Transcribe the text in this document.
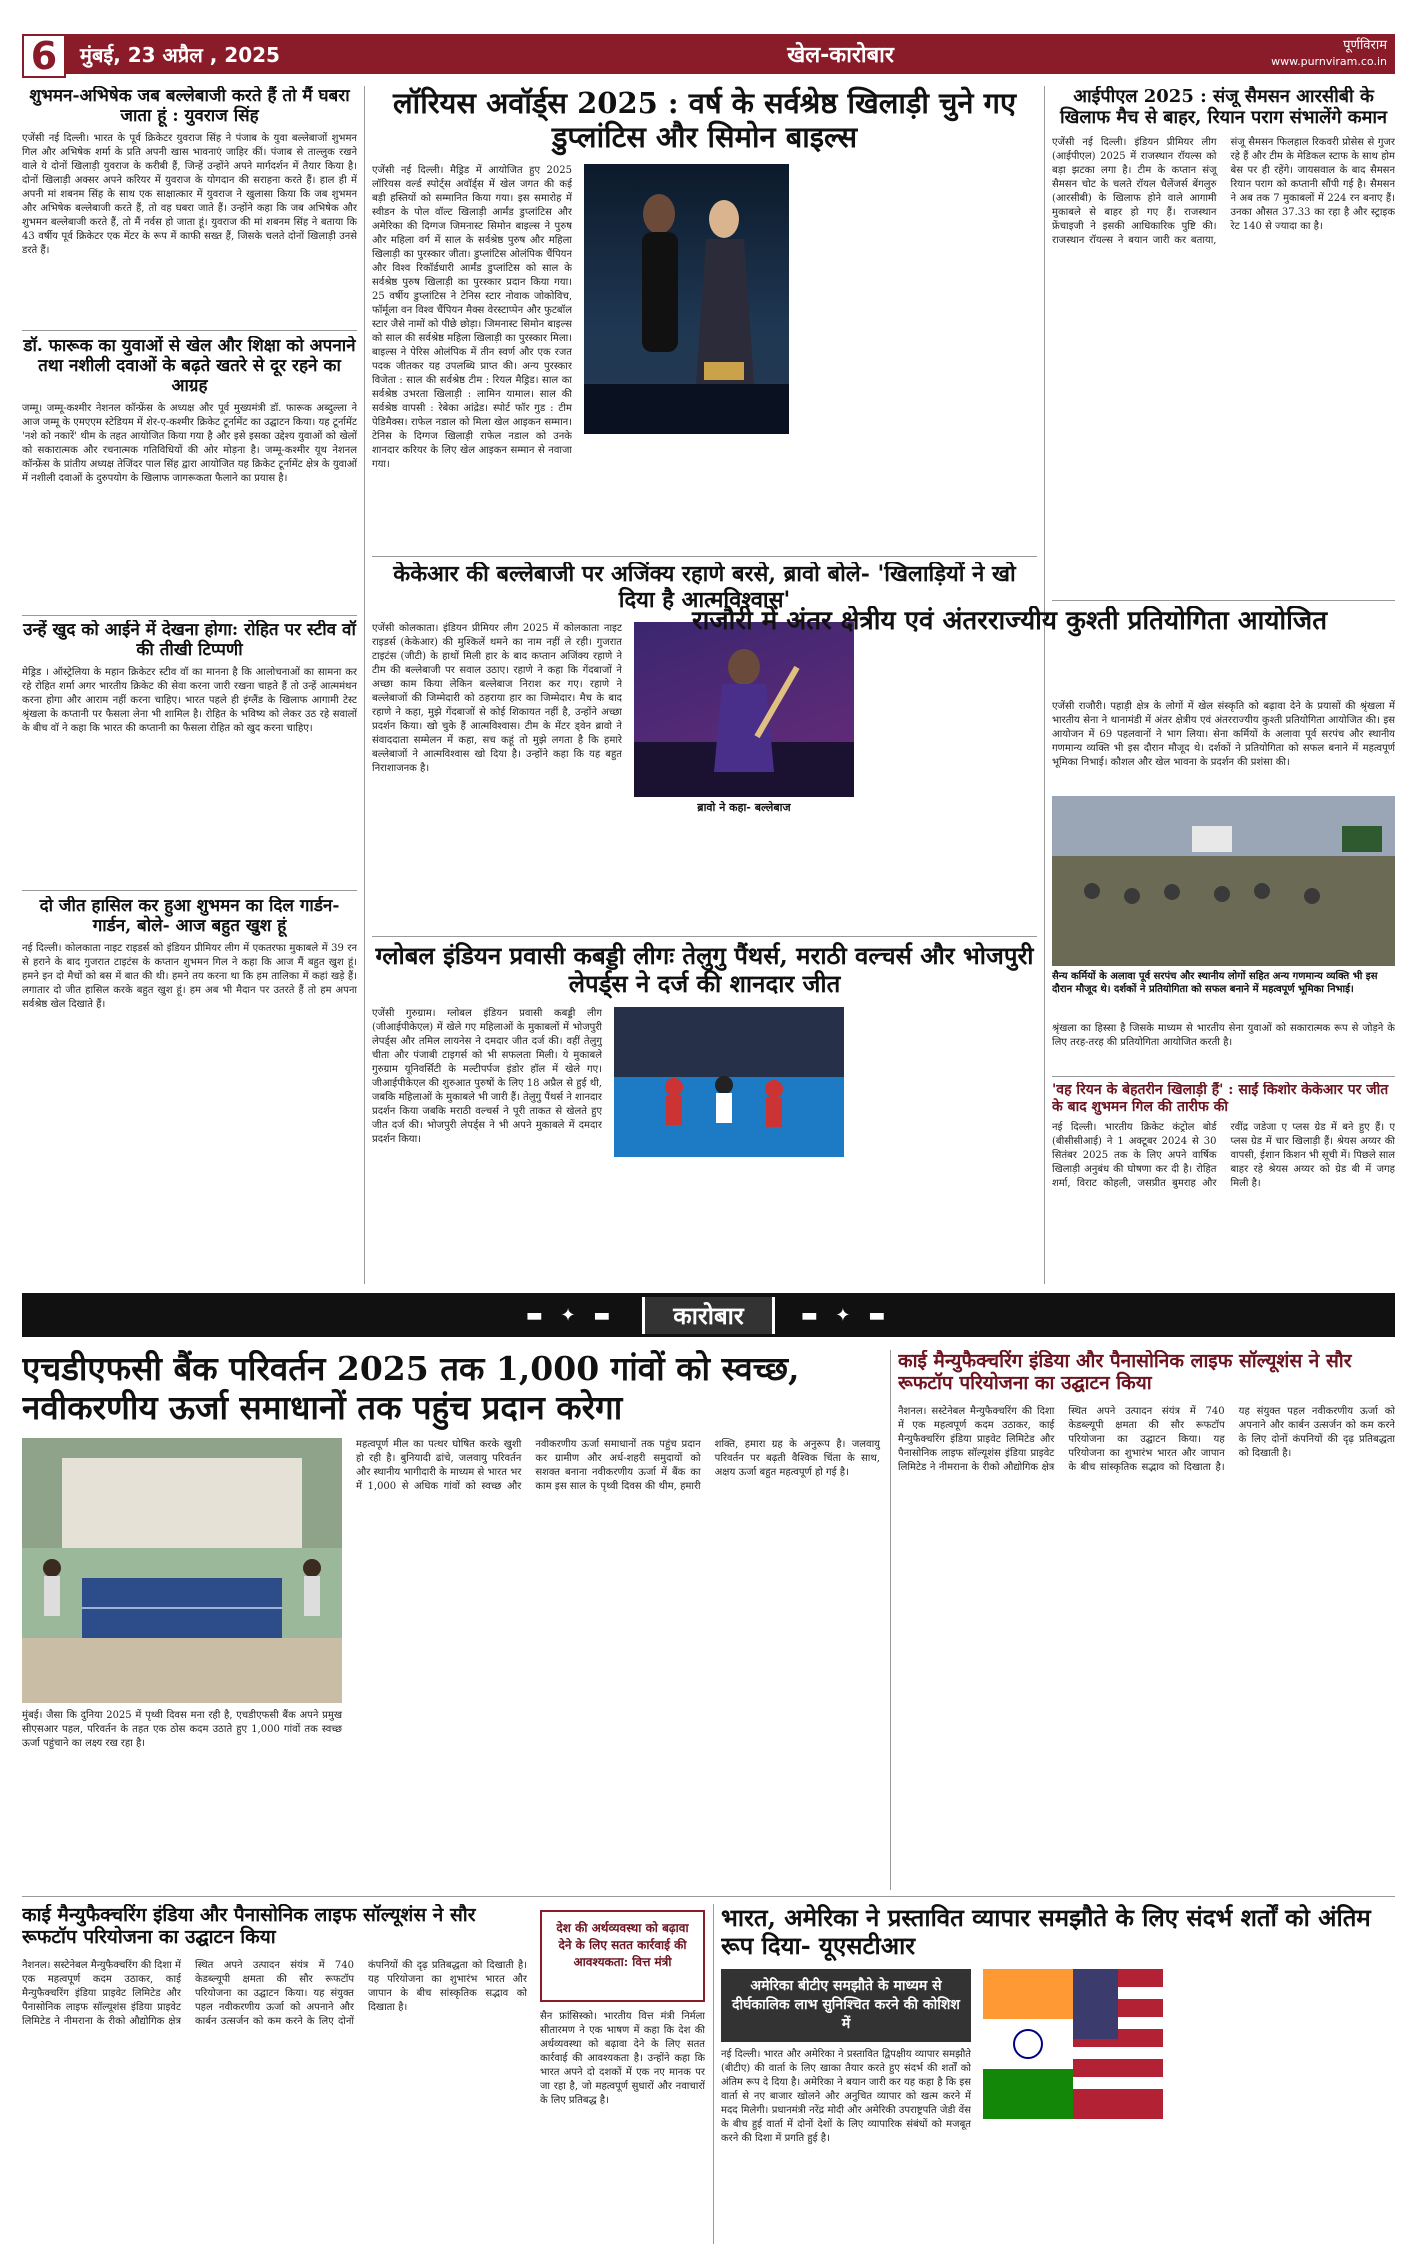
6	मुंबई, 23 अप्रैल , 2025	खेल-कारोबार	पूर्णविराम
www.purnviram.co.in
शुभमन-अभिषेक जब बल्लेबाजी करते हैं तो मैं घबरा जाता हूं : युवराज सिंह
एजेंसी नई दिल्ली। भारत के पूर्व क्रिकेटर युवराज सिंह ने पंजाब के युवा बल्लेबाजों शुभमन गिल और अभिषेक शर्मा के प्रति अपनी खास भावनाएं जाहिर कीं। पंजाब से ताल्लुक रखने वाले ये दोनों खिलाड़ी युवराज के करीबी हैं, जिन्हें उन्होंने अपने मार्गदर्शन में तैयार किया है। दोनों खिलाड़ी अक्सर अपने करियर में युवराज के योगदान की सराहना करते हैं। हाल ही में अपनी मां शबनम सिंह के साथ एक साक्षात्कार में युवराज ने खुलासा किया कि जब शुभमन और अभिषेक बल्लेबाजी करते हैं, तो वह घबरा जाते हैं। उन्होंने कहा कि जब अभिषेक और शुभमन बल्लेबाजी करते हैं, तो मैं नर्वस हो जाता हूं। युवराज की मां शबनम सिंह ने बताया कि 43 वर्षीय पूर्व क्रिकेटर एक मेंटर के रूप में काफी सख्त हैं, जिसके चलते दोनों खिलाड़ी उनसे डरते हैं।
डॉ. फारूक का युवाओं से खेल और शिक्षा को अपनाने तथा नशीली दवाओं के बढ़ते खतरे से दूर रहने का आग्रह
जम्मू। जम्मू-कश्मीर नेशनल कॉन्फ्रेंस के अध्यक्ष और पूर्व मुख्यमंत्री डॉ. फारूक अब्दुल्ला ने आज जम्मू के एमएएम स्टेडियम में शेर-ए-कश्मीर क्रिकेट टूर्नामेंट का उद्घाटन किया। यह टूर्नामेंट 'नशे को नकारें' थीम के तहत आयोजित किया गया है और इसे इसका उद्देश्य युवाओं को खेलों को सकारात्मक और रचनात्मक गतिविधियों की ओर मोड़ना है। जम्मू-कश्मीर यूथ नेशनल कॉन्फ्रेंस के प्रांतीय अध्यक्ष तेजिंदर पाल सिंह द्वारा आयोजित यह क्रिकेट टूर्नामेंट क्षेत्र के युवाओं में नशीली दवाओं के दुरुपयोग के खिलाफ जागरूकता फैलाने का प्रयास है।
उन्हें खुद को आईने में देखना होगा: रोहित पर स्टीव वॉ की तीखी टिप्पणी
मेड्रिड । ऑस्ट्रेलिया के महान क्रिकेटर स्टीव वॉ का मानना है कि आलोचनाओं का सामना कर रहे रोहित शर्मा अगर भारतीय क्रिकेट की सेवा करना जारी रखना चाहते हैं तो उन्हें आत्ममंथन करना होगा और आराम नहीं करना चाहिए। भारत पहले ही इंग्लैंड के खिलाफ आगामी टेस्ट श्रृंखला के कप्तानी पर फैसला लेना भी शामिल है। रोहित के भविष्य को लेकर उठ रहे सवालों के बीच वॉ ने कहा कि भारत की कप्तानी का फैसला रोहित को खुद करना चाहिए।
दो जीत हासिल कर हुआ शुभमन का दिल गार्डन-गार्डन, बोले- आज बहुत खुश हूं
नई दिल्ली। कोलकाता नाइट राइडर्स को इंडियन प्रीमियर लीग में एकतरफा मुकाबले में 39 रन से हराने के बाद गुजरात टाइटंस के कप्तान शुभमन गिल ने कहा कि आज मैं बहुत खुश हूं। हमने इन दो मैचों को बस में बात की थी। हमने तय करना था कि हम तालिका में कहां खड़े हैं। लगातार दो जीत हासिल करके बहुत खुश हूं। हम अब भी मैदान पर उतरते हैं तो हम अपना सर्वश्रेष्ठ खेल दिखाते हैं।
लॉरियस अवॉर्ड्स 2025 : वर्ष के सर्वश्रेष्ठ खिलाड़ी चुने गए डुप्लांटिस और सिमोन बाइल्स
एजेंसी नई दिल्ली। मैड्रिड में आयोजित हुए 2025 लॉरियस वर्ल्ड स्पोर्ट्स अवॉर्ड्स में खेल जगत की कई बड़ी हस्तियों को सम्मानित किया गया। इस समारोह में स्वीडन के पोल वॉल्ट खिलाड़ी आर्मंड डुप्लांटिस और अमेरिका की दिग्गज जिमनास्ट सिमोन बाइल्स ने पुरुष और महिला वर्ग में साल के सर्वश्रेष्ठ पुरुष और महिला खिलाड़ी का पुरस्कार जीता। डुप्लांटिस ओलंपिक चैंपियन और विश्व रिकॉर्डधारी आर्मंड डुप्लांटिस को साल के सर्वश्रेष्ठ पुरुष खिलाड़ी का पुरस्कार प्रदान किया गया। 25 वर्षीय डुप्लांटिस ने टेनिस स्टार नोवाक जोकोविच, फॉर्मूला वन विश्व चैंपियन मैक्स वेरस्टाप्पेन और फुटबॉल स्टार जैसे नामों को पीछे छोड़ा। जिमनास्ट सिमोन बाइल्स को साल की सर्वश्रेष्ठ महिला खिलाड़ी का पुरस्कार मिला। बाइल्स ने पेरिस ओलंपिक में तीन स्वर्ण और एक रजत पदक जीतकर यह उपलब्धि प्राप्त की। अन्य पुरस्कार विजेता : साल की सर्वश्रेष्ठ टीम : रियल मैड्रिड। साल का सर्वश्रेष्ठ उभरता खिलाड़ी : लामिन यामाल। साल की सर्वश्रेष्ठ वापसी : रेबेका आंद्रेड। स्पोर्ट फॉर गुड : टीम पेडिमैक्स। राफेल नडाल को मिला खेल आइकन सम्मान। टेनिस के दिग्गज खिलाड़ी राफेल नडाल को उनके शानदार करियर के लिए खेल आइकन सम्मान से नवाजा गया।
केकेआर की बल्लेबाजी पर अजिंक्य रहाणे बरसे, ब्रावो बोले- 'खिलाड़ियों ने खो दिया है आत्मविश्वास'
एजेंसी कोलकाता। इंडियन प्रीमियर लीग 2025 में कोलकाता नाइट राइडर्स (केकेआर) की मुश्किलें थमने का नाम नहीं ले रही। गुजरात टाइटंस (जीटी) के हाथों मिली हार के बाद कप्तान अजिंक्य रहाणे ने टीम की बल्लेबाजी पर सवाल उठाए। रहाणे ने कहा कि गेंदबाजों ने अच्छा काम किया लेकिन बल्लेबाज निराश कर गए। रहाणे ने बल्लेबाजों की जिम्मेदारी को ठहराया हार का जिम्मेदार। मैच के बाद रहाणे ने कहा, मुझे गेंदबाजों से कोई शिकायत नहीं है, उन्होंने अच्छा प्रदर्शन किया। खो चुके हैं आत्मविश्वास। टीम के मेंटर ड्वेन ब्रावो ने संवाददाता सम्मेलन में कहा, सच कहूं तो मुझे लगता है कि हमारे बल्लेबाजों ने आत्मविश्वास खो दिया है। उन्होंने कहा कि यह बहुत निराशाजनक है।
ब्रावो ने कहा- बल्लेबाज
ग्लोबल इंडियन प्रवासी कबड्डी लीगः तेलुगु पैंथर्स, मराठी वल्चर्स और भोजपुरी लेपर्ड्स ने दर्ज की शानदार जीत
एजेंसी गुरुग्राम। ग्लोबल इंडियन प्रवासी कबड्डी लीग (जीआईपीकेएल) में खेले गए महिलाओं के मुकाबलों में भोजपुरी लेपर्ड्स और तमिल लायनेस ने दमदार जीत दर्ज की। वहीं तेलुगु चीता और पंजाबी टाइगर्स को भी सफलता मिली। ये मुकाबले गुरुग्राम यूनिवर्सिटी के मल्टीपर्पज इंडोर हॉल में खेले गए। जीआईपीकेएल की शुरुआत पुरुषों के लिए 18 अप्रैल से हुई थी, जबकि महिलाओं के मुकाबले भी जारी हैं। तेलुगु पैंथर्स ने शानदार प्रदर्शन किया जबकि मराठी वल्चर्स ने पूरी ताकत से खेलते हुए जीत दर्ज की। भोजपुरी लेपर्ड्स ने भी अपने मुकाबले में दमदार प्रदर्शन किया।
आईपीएल 2025 : संजू सैमसन आरसीबी के खिलाफ मैच से बाहर, रियान पराग संभालेंगे कमान
एजेंसी नई दिल्ली। इंडियन प्रीमियर लीग (आईपीएल) 2025 में राजस्थान रॉयल्स को बड़ा झटका लगा है। टीम के कप्तान संजू सैमसन चोट के चलते रॉयल चैलेंजर्स बेंगलुरु (आरसीबी) के खिलाफ होने वाले आगामी मुकाबले से बाहर हो गए हैं। राजस्थान फ्रेंचाइजी ने इसकी आधिकारिक पुष्टि की। राजस्थान रॉयल्स ने बयान जारी कर बताया, संजू सैमसन फिलहाल रिकवरी प्रोसेस से गुजर रहे हैं और टीम के मेडिकल स्टाफ के साथ होम बेस पर ही रहेंगे। जायसवाल के बाद सैमसन रियान पराग को कप्तानी सौंपी गई है। सैमसन ने अब तक 7 मुकाबलों में 224 रन बनाए हैं। उनका औसत 37.33 का रहा है और स्ट्राइक रेट 140 से ज्यादा का है।
राजौरी में अंतर क्षेत्रीय एवं अंतरराज्यीय कुश्ती प्रतियोगिता आयोजित
एजेंसी राजौरी। पहाड़ी क्षेत्र के लोगों में खेल संस्कृति को बढ़ावा देने के प्रयासों की श्रृंखला में भारतीय सेना ने थानामंडी में अंतर क्षेत्रीय एवं अंतरराज्यीय कुश्ती प्रतियोगिता आयोजित की। इस आयोजन में 69 पहलवानों ने भाग लिया। सेना कर्मियों के अलावा पूर्व सरपंच और स्थानीय गणमान्य व्यक्ति भी इस दौरान मौजूद थे। दर्शकों ने प्रतियोगिता को सफल बनाने में महत्वपूर्ण भूमिका निभाई। कौशल और खेल भावना के प्रदर्शन की प्रशंसा की।
सैन्य कर्मियों के अलावा पूर्व सरपंच और स्थानीय लोगों सहित अन्य गणमान्य व्यक्ति भी इस दौरान मौजूद थे। दर्शकों ने प्रतियोगिता को सफल बनाने में महत्वपूर्ण भूमिका निभाई।
श्रृंखला का हिस्सा है जिसके माध्यम से भारतीय सेना युवाओं को सकारात्मक रूप से जोड़ने के लिए तरह-तरह की प्रतियोगिता आयोजित करती है।
'वह रियन के बेहतरीन खिलाड़ी हैं' : साईं किशोर केकेआर पर जीत के बाद शुभमन गिल की तारीफ की
नई दिल्ली। भारतीय क्रिकेट कंट्रोल बोर्ड (बीसीसीआई) ने 1 अक्टूबर 2024 से 30 सितंबर 2025 तक के लिए अपने वार्षिक खिलाड़ी अनुबंध की घोषणा कर दी है। रोहित शर्मा, विराट कोहली, जसप्रीत बुमराह और रवींद्र जडेजा ए प्लस ग्रेड में बने हुए हैं। ए प्लस ग्रेड में चार खिलाड़ी हैं। श्रेयस अय्यर की वापसी, ईशान किशन भी सूची में। पिछले साल बाहर रहे श्रेयस अय्यर को ग्रेड बी में जगह मिली है।
▬ ✦ ▬	कारोबार	▬ ✦ ▬
एचडीएफसी बैंक परिवर्तन 2025 तक 1,000 गांवों को स्वच्छ, नवीकरणीय ऊर्जा समाधानों तक पहुंच प्रदान करेगा
मुंबई। जैसा कि दुनिया 2025 में पृथ्वी दिवस मना रही है, एचडीएफसी बैंक अपने प्रमुख सीएसआर पहल, परिवर्तन के तहत एक ठोस कदम उठाते हुए 1,000 गांवों तक स्वच्छ ऊर्जा पहुंचाने का लक्ष्य रख रहा है।
महत्वपूर्ण मील का पत्थर घोषित करके खुशी हो रही है। बुनियादी ढांचे, जलवायु परिवर्तन और स्थानीय भागीदारी के माध्यम से भारत भर में 1,000 से अधिक गांवों को स्वच्छ और नवीकरणीय ऊर्जा समाधानों तक पहुंच प्रदान कर ग्रामीण और अर्ध-शहरी समुदायों को सशक्त बनाना नवीकरणीय ऊर्जा में बैंक का काम इस साल के पृथ्वी दिवस की थीम, हमारी शक्ति, हमारा ग्रह के अनुरूप है। जलवायु परिवर्तन पर बढ़ती वैश्विक चिंता के साथ, अक्षय ऊर्जा बहुत महत्वपूर्ण हो गई है।
काई मैन्युफैक्चरिंग इंडिया और पैनासोनिक लाइफ सॉल्यूशंस ने सौर रूफटॉप परियोजना का उद्घाटन किया
नैशनल। सस्टेनेबल मैन्युफैक्चरिंग की दिशा में एक महत्वपूर्ण कदम उठाकर, काई मैन्युफैक्चरिंग इंडिया प्राइवेट लिमिटेड और पैनासोनिक लाइफ सॉल्यूशंस इंडिया प्राइवेट लिमिटेड ने नीमराना के रीको औद्योगिक क्षेत्र स्थित अपने उत्पादन संयंत्र में 740 केडब्ल्यूपी क्षमता की सौर रूफटॉप परियोजना का उद्घाटन किया। यह परियोजना का शुभारंभ भारत और जापान के बीच सांस्कृतिक सद्भाव को दिखाता है। यह संयुक्त पहल नवीकरणीय ऊर्जा को अपनाने और कार्बन उत्सर्जन को कम करने के लिए दोनों कंपनियों की दृढ़ प्रतिबद्धता को दिखाती है।
काई मैन्युफैक्चरिंग इंडिया और पैनासोनिक लाइफ सॉल्यूशंस ने सौर रूफटॉप परियोजना का उद्घाटन किया
नैशनल। सस्टेनेबल मैन्युफैक्चरिंग की दिशा में एक महत्वपूर्ण कदम उठाकर, काई मैन्युफैक्चरिंग इंडिया प्राइवेट लिमिटेड और पैनासोनिक लाइफ सॉल्यूशंस इंडिया प्राइवेट लिमिटेड ने नीमराना के रीको औद्योगिक क्षेत्र स्थित अपने उत्पादन संयंत्र में 740 केडब्ल्यूपी क्षमता की सौर रूफटॉप परियोजना का उद्घाटन किया। यह संयुक्त पहल नवीकरणीय ऊर्जा को अपनाने और कार्बन उत्सर्जन को कम करने के लिए दोनों कंपनियों की दृढ़ प्रतिबद्धता को दिखाती है। यह परियोजना का शुभारंभ भारत और जापान के बीच सांस्कृतिक सद्भाव को दिखाता है।
देश की अर्थव्यवस्था को बढ़ावा देने के लिए सतत कार्रवाई की आवश्यकता: वित्त मंत्री
सैन फ्रांसिस्को। भारतीय वित्त मंत्री निर्मला सीतारमण ने एक भाषण में कहा कि देश की अर्थव्यवस्था को बढ़ावा देने के लिए सतत कार्रवाई की आवश्यकता है। उन्होंने कहा कि भारत अपने दो दशकों में एक नए मानक पर जा रहा है, जो महत्वपूर्ण सुधारों और नवाचारों के लिए प्रतिबद्ध है।
भारत, अमेरिका ने प्रस्तावित व्यापार समझौते के लिए संदर्भ शर्तों को अंतिम रूप दिया- यूएसटीआर
अमेरिका बीटीए समझौते के माध्यम से दीर्घकालिक लाभ सुनिश्चित करने की कोशिश में
नई दिल्ली। भारत और अमेरिका ने प्रस्तावित द्विपक्षीय व्यापार समझौते (बीटीए) की वार्ता के लिए खाका तैयार करते हुए संदर्भ की शर्तों को अंतिम रूप दे दिया है। अमेरिका ने बयान जारी कर यह कहा है कि इस वार्ता से नए बाजार खोलने और अनुचित व्यापार को खत्म करने में मदद मिलेगी। प्रधानमंत्री नरेंद्र मोदी और अमेरिकी उपराष्ट्रपति जेडी वेंस के बीच हुई वार्ता में दोनों देशों के लिए व्यापारिक संबंधों को मजबूत करने की दिशा में प्रगति हुई है।
